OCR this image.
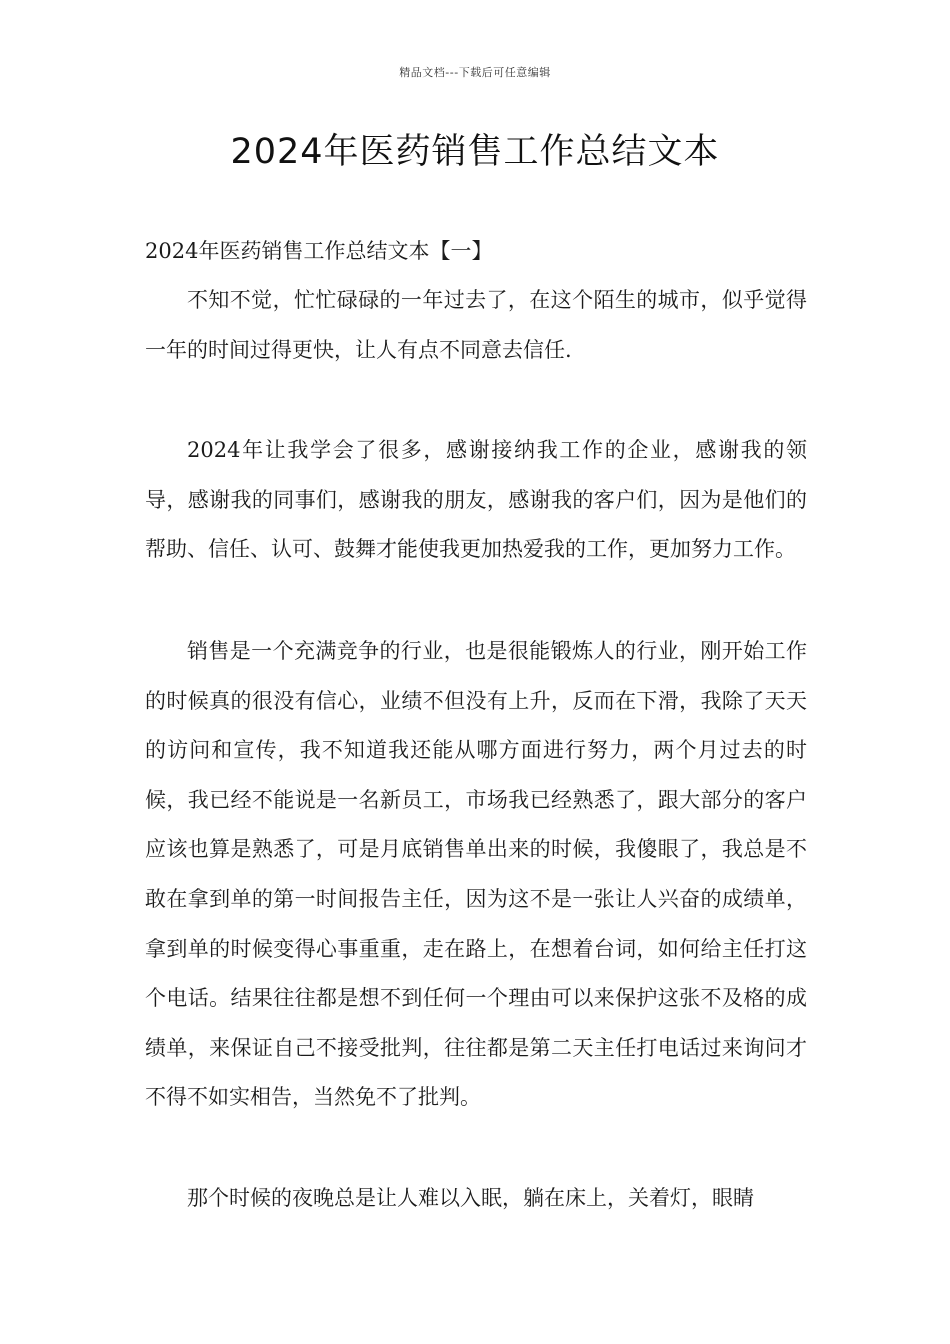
精品文档---下载后可任意编辑
2024年医药销售工作总结文本
2024年医药销售工作总结文本【一】

不知不觉，忙忙碌碌的一年过去了，在这个陌生的城市，似乎觉得一年的时间过得更快，让人有点不同意去信任.

2024年让我学会了很多，感谢接纳我工作的企业，感谢我的领导，感谢我的同事们，感谢我的朋友，感谢我的客户们，因为是他们的帮助、信任、认可、鼓舞才能使我更加热爱我的工作，更加努力工作。

销售是一个充满竞争的行业，也是很能锻炼人的行业，刚开始工作的时候真的很没有信心，业绩不但没有上升，反而在下滑，我除了天天的访问和宣传，我不知道我还能从哪方面进行努力，两个月过去的时候，我已经不能说是一名新员工，市场我已经熟悉了，跟大部分的客户应该也算是熟悉了，可是月底销售单出来的时候，我傻眼了，我总是不敢在拿到单的第一时间报告主任，因为这不是一张让人兴奋的成绩单，拿到单的时候变得心事重重，走在路上，在想着台词，如何给主任打这个电话。结果往往都是想不到任何一个理由可以来保护这张不及格的成绩单，来保证自己不接受批判，往往都是第二天主任打电话过来询问才不得不如实相告，当然免不了批判。

那个时候的夜晚总是让人难以入眠，躺在床上，关着灯，眼睛
